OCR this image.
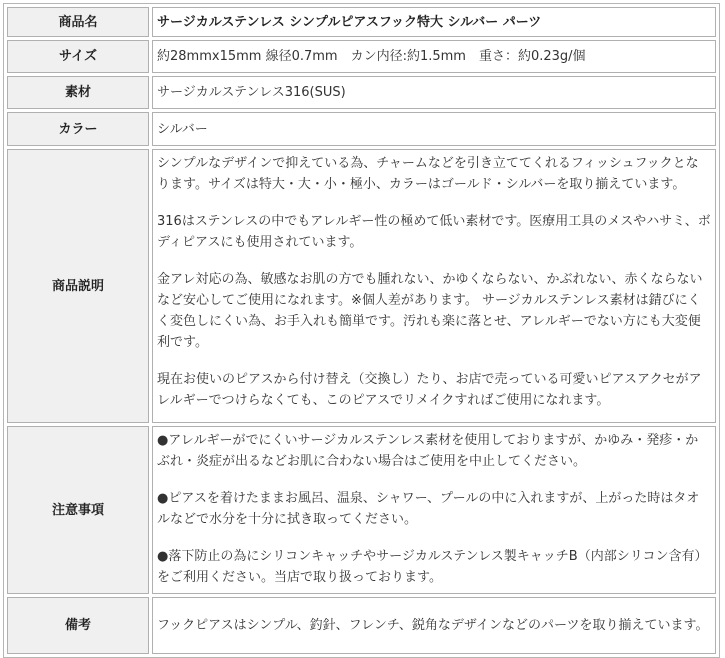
商品名	サージカルステンレス シンプルピアスフック特大 シルバー パーツ
サイズ	約28mmx15mm 線径0.7mm　カン内径:約1.5mm　重さ：約0.23g/個
素材	サージカルステンレス316(SUS)
カラー	シルバー
商品説明	シンプルなデザインで抑えている為、チャームなどを引き立ててくれるフィッシュフックとなります。サイズは特大・大・小・極小、カラーはゴールド・シルバーを取り揃えています。

316はステンレスの中でもアレルギー性の極めて低い素材です。医療用工具のメスやハサミ、ボディピアスにも使用されています。

金アレ対応の為、敏感なお肌の方でも腫れない、かゆくならない、かぶれない、赤くならないなど安心してご使用になれます。※個人差があります。 サージカルステンレス素材は錆びにくく変色しにくい為、お手入れも簡単です。汚れも楽に落とせ、アレルギーでない方にも大変便利です。

現在お使いのピアスから付け替え（交換し）たり、お店で売っている可愛いピアスアクセがアレルギーでつけらなくても、このピアスでリメイクすればご使用になれます。

注意事項	●アレルギーがでにくいサージカルステンレス素材を使用しておりますが、かゆみ・発疹・かぶれ・炎症が出るなどお肌に合わない場合はご使用を中止してください。

●ピアスを着けたままお風呂、温泉、シャワー、プールの中に入れますが、上がった時はタオルなどで水分を十分に拭き取ってください。

●落下防止の為にシリコンキャッチやサージカルステンレス製キャッチB（内部シリコン含有）をご利用ください。当店で取り扱っております。

備考	フックピアスはシンプル、釣針、フレンチ、鋭角なデザインなどのパーツを取り揃えています。
